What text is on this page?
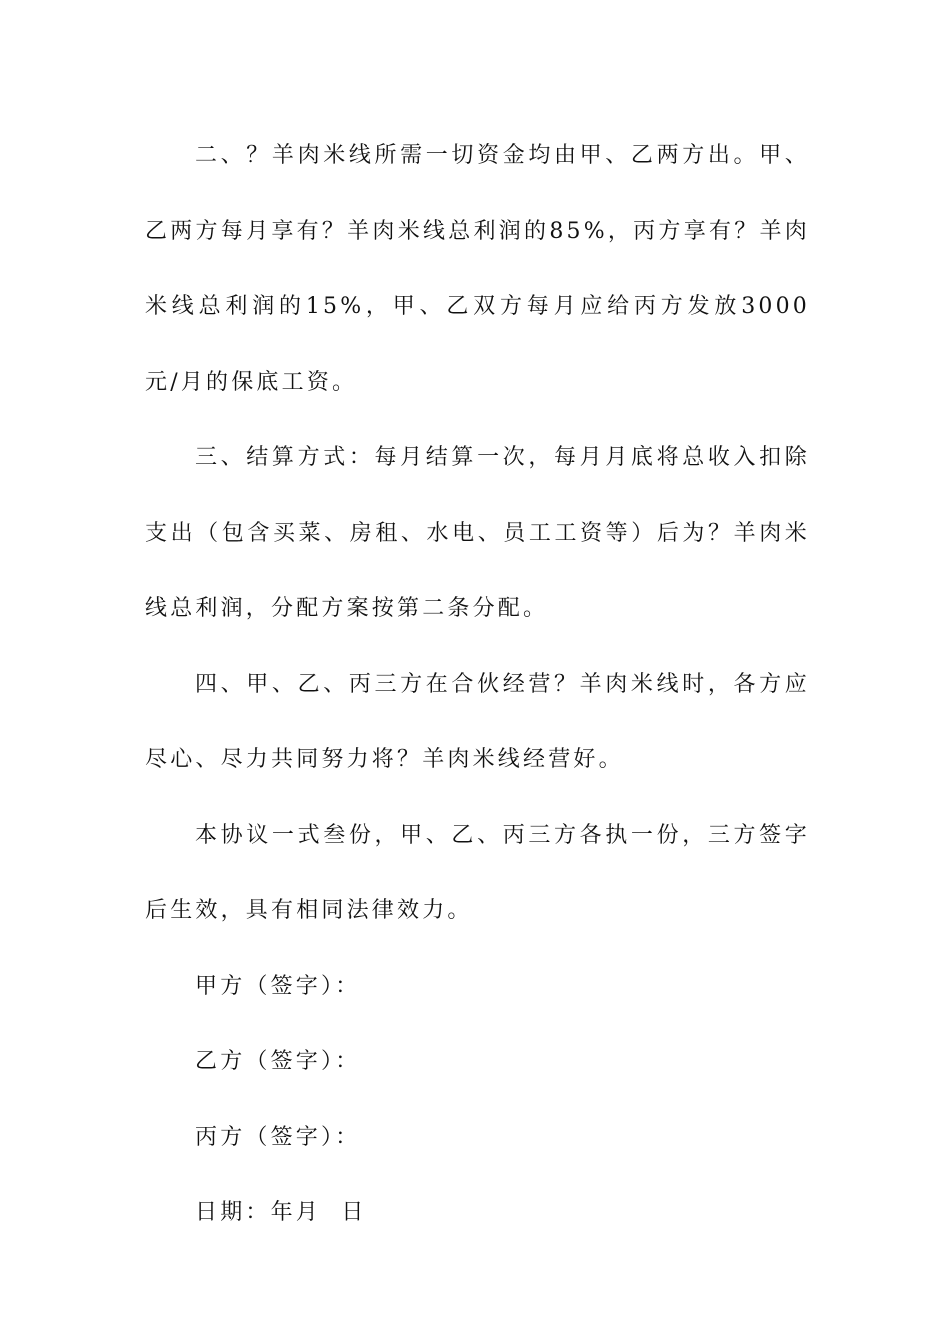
二、？羊肉米线所需一切资金均由甲、乙两方出。甲、乙两方每月享有？羊肉米线总利润的85%，丙方享有？羊肉米线总利润的15%，甲、乙双方每月应给丙方发放3000元/月的保底工资。

三、结算方式：每月结算一次，每月月底将总收入扣除支出（包含买菜、房租、水电、员工工资等）后为？羊肉米线总利润，分配方案按第二条分配。

四、甲、乙、丙三方在合伙经营？羊肉米线时，各方应尽心、尽力共同努力将？羊肉米线经营好。

本协议一式叁份，甲、乙、丙三方各执一份，三方签字后生效，具有相同法律效力。

甲方（签字）：

乙方（签字）：

丙方（签字）：

日期：年月  日
